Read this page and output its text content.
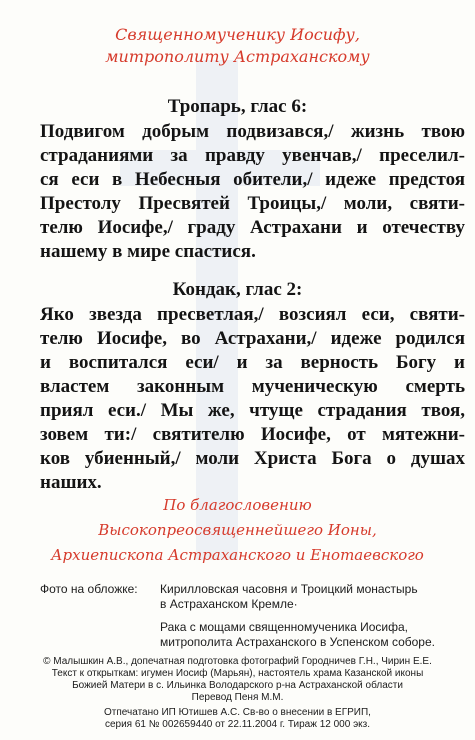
Священномученику Иосифу,
митрополиту Астраханскому
Тропарь, глас 6:
Подвигом добрым подвизався,/ жизнь твою
страданиями за правду увенчав,/ преселил-
ся еси в Небесныя обители,/ идеже предстоя
Престолу Пресвятей Троицы,/ моли, святи-
телю Иосифе,/ граду Астрахани и отечеству
нашему в мире спастися.
Кондак, глас 2:
Яко звезда пресветлая,/ возсиял еси, святи-
телю Иосифе, во Астрахани,/ идеже родился
и воспитался еси/ и за верность Богу и
властем законным мученическую смерть
приял еси./ Мы же, чтуще страдания твоя,
зовем ти:/ святителю Иосифе, от мятежни-
ков убиенный,/ моли Христа Бога о душах
наших.
По благословению
Высокопреосвященнейшего Ионы,
Архиепископа Астраханского и Енотаевского
Фото на обложке: Кирилловская часовня и Троицкий монастырь
в Астраханском Кремле·
Рака с мощами священномученика Иосифа,
митрополита Астраханского в Успенском соборе.
© Малышкин А.В., допечатная подготовка фотографий Городничев Г.Н., Чирин Е.Е.
Текст к открыткам: игумен Иосиф (Марьян), настоятель храма Казанской иконы
Божией Матери в с. Ильинка Володарского р-на Астраханской области
Перевод Пеня М.М.
Отпечатано ИП Ютишев А.С. Св-во о внесении в ЕГРИП,
серия 61 № 002659440 от 22.11.2004 г. Тираж 12 000 экз.
